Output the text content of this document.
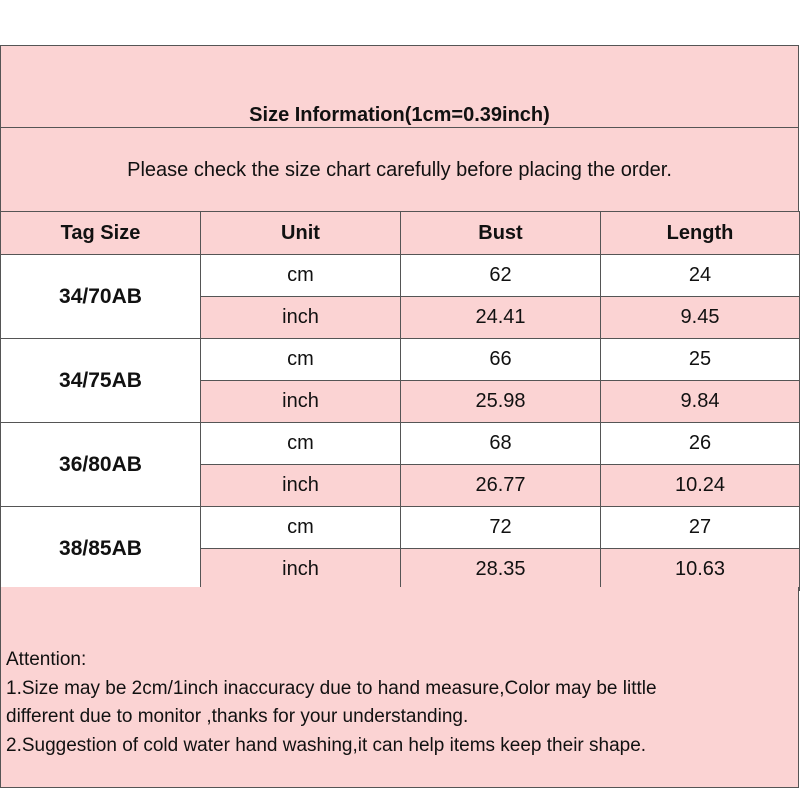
Size Information(1cm=0.39inch)
Please check the size chart carefully before placing the order.
Tag Size	Unit	Bust	Length
34/70AB	cm	62	24
	inch	24.41	9.45
34/75AB	cm	66	25
	inch	25.98	9.84
36/80AB	cm	68	26
	inch	26.77	10.24
38/85AB	cm	72	27
	inch	28.35	10.63
Attention:
1.Size may be 2cm/1inch inaccuracy due to hand measure,Color may be little
different due to monitor ,thanks for your understanding.
2.Suggestion of cold water hand washing,it can help items keep their shape.
